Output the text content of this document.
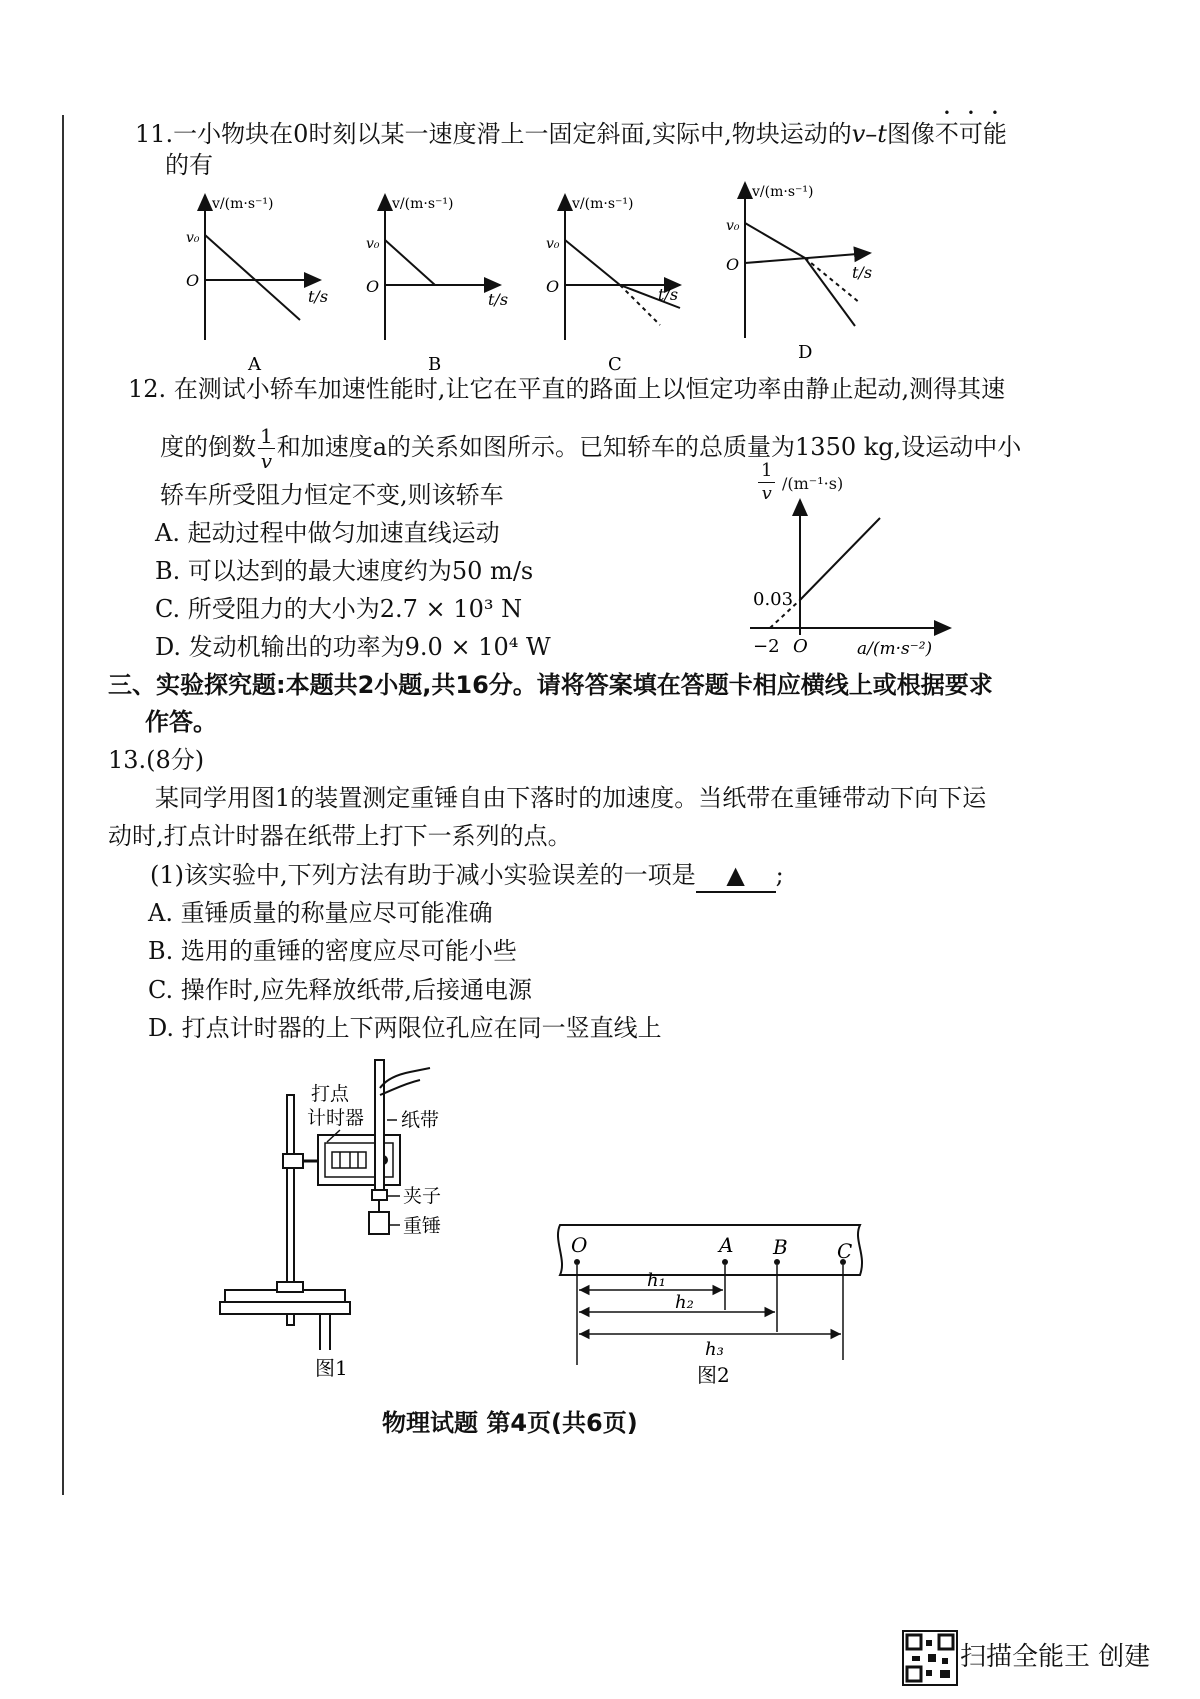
11.一小物块在0时刻以某一速度滑上一固定斜面,实际中,物块运动的v–t图像不可能
的有
v/(m·s⁻¹)
v₀
O
t/s
A
v/(m·s⁻¹)
v₀
O
t/s
B
v/(m·s⁻¹)
v₀
O	t/s
C
v/(m·s⁻¹)
v₀
O	t/s
D
12. 在测试小轿车加速性能时,让它在平直的路面上以恒定功率由静止起动,测得其速
度的倒数 $\frac{1}{v}$ 和加速度a的关系如图所示。已知轿车的总质量为1350 kg,设运动中小
轿车所受阻力恒定不变,则该轿车
A. 起动过程中做匀加速直线运动
B. 可以达到的最大速度约为50 m/s
C. 所受阻力的大小为2.7 × 10³ N
D. 发动机输出的功率为9.0 × 10⁴ W
1
v /(m⁻¹·s)
0.03
−2 O	a/(m·s⁻²)
三、实验探究题:本题共2小题,共16分。请将答案填在答题卡相应横线上或根据要求
作答。
13.(8分)
某同学用图1的装置测定重锤自由下落时的加速度。当纸带在重锤带动下向下运
动时,打点计时器在纸带上打下一系列的点。
(1)该实验中,下列方法有助于减小实验误差的一项是 ▲ ;
A. 重锤质量的称量应尽可能准确
B. 选用的重锤的密度应尽可能小些
C. 操作时,应先释放纸带,后接通电源
D. 打点计时器的上下两限位孔应在同一竖直线上
打点
计时器 纸带
夹子
重锤
图1
O	A B C
h₁
h₂
h₃
图2
物理试题 第4页(共6页)
扫描全能王 创建
